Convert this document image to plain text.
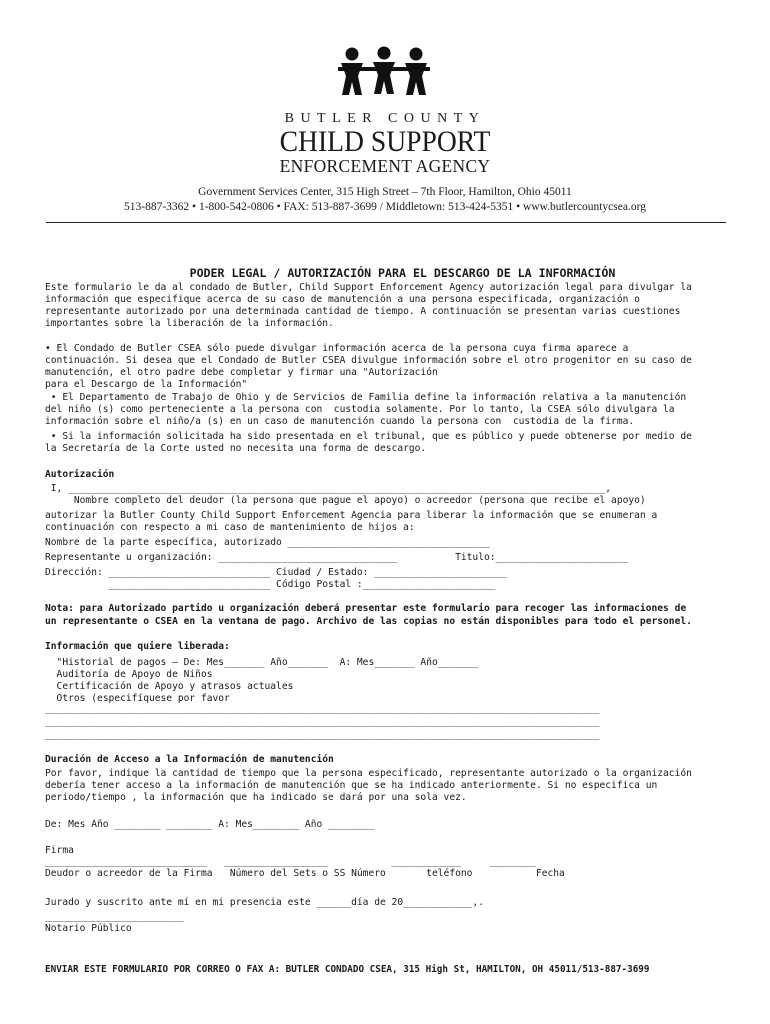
BUTLER COUNTY
CHILD SUPPORT
ENFORCEMENT AGENCY
Government Services Center, 315 High Street – 7th Floor, Hamilton, Ohio 45011
513-887-3362 • 1-800-542-0806 • FAX: 513-887-3699 / Middletown: 513-424-5351 • www.butlercountycsea.org
PODER LEGAL / AUTORIZACIÓN PARA EL DESCARGO DE LA INFORMACIÓN
Este formulario le da al condado de Butler, Child Support Enforcement Agency autorización legal para divulgar la
información que especifique acerca de su caso de manutención a una persona especificada, organización o
representante autorizado por una determinada cantidad de tiempo. A continuación se presentan varias cuestiones
importantes sobre la liberación de la información.
• El Condado de Butler CSEA sólo puede divulgar información acerca de la persona cuya firma aparece a
continuación. Si desea que el Condado de Butler CSEA divulgue información sobre el otro progenitor en su caso de
manutención, el otro padre debe completar y firmar una "Autorización
para el Descargo de la Información"
• El Departamento de Trabajo de Ohio y de Servicios de Familia define la información relativa a la manutención
del niño (s) como perteneciente a la persona con  custodia solamente. Por lo tanto, la CSEA sólo divulgara la
información sobre el niño/a (s) en un caso de manutención cuando la persona con  custodia de la firma.
• Si la información solicitada ha sido presentada en el tribunal, que es público y puede obtenerse por medio de
la Secretaría de la Corte usted no necesita una forma de descargo.
Autorización
I, _____________________________________________________________________________________________,
Nombre completo del deudor (la persona que pague el apoyo) o acreedor (persona que recibe el apoyo)
autorizar la Butler County Child Support Enforcement Agencia para liberar la información que se enumeran a
continuación con respecto a mi caso de mantenimiento de hijos a:
Nombre de la parte específica, autorizado ___________________________________
Representante u organización: _______________________________          Titulo:_______________________
Dirección: ____________________________ Ciudad / Estado: _______________________
____________________________ Código Postal :_______________________
Nota: para Autorizado partido u organización deberá presentar este formulario para recoger las informaciones de
un representante o CSEA en la ventana de pago. Archivo de las copias no están disponibles para todo el personel.
Información que quiere liberada:
"Historial de pagos – De: Mes_______ Año_______  A: Mes_______ Año_______
Auditoría de Apoyo de Niños
Certificación de Apoyo y atrasos actuales
Otros (especifíquese por favor
________________________________________________________________________________________________
________________________________________________________________________________________________
________________________________________________________________________________________________
Duración de Acceso a la Información de manutención
Por favor, indique la cantidad de tiempo que la persona especificado, representante autorizado o la organización
debería tener acceso a la información de manutención que se ha indicado anteriormente. Si no especifica un
periodo/tiempo , la información que ha indicado se dará por una sola vez.
De: Mes Año ________ ________ A: Mes________ Año ________
Firma
____________________________   __________________           ____________     ________
Deudor o acreedor de la Firma   Número del Sets o SS Número       teléfono           Fecha
Jurado y suscrito ante mí en mi presencia este ______día de 20____________,.
________________________
Notario Público
ENVIAR ESTE FORMULARIO POR CORREO O FAX A: BUTLER CONDADO CSEA, 315 High St, HAMILTON, OH 45011/513-887-3699
